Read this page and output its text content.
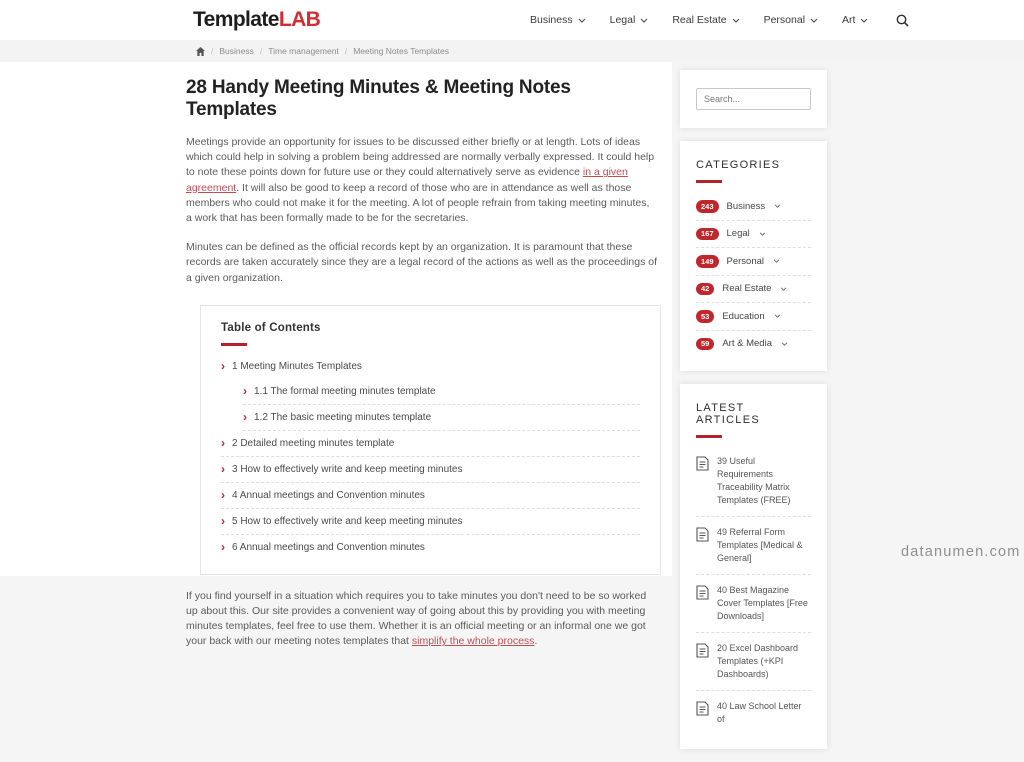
TemplateLAB	Business	Legal	Real Estate	Personal	Art
/ Business / Time management / Meeting Notes Templates
28 Handy Meeting Minutes & Meeting Notes Templates

Meetings provide an opportunity for issues to be discussed either briefly or at length. Lots of ideas which could help in solving a problem being addressed are normally verbally expressed. It could help to note these points down for future use or they could alternatively serve as evidence in a given agreement. It will also be good to keep a record of those who are in attendance as well as those members who could not make it for the meeting. A lot of people refrain from taking meeting minutes, a work that has been formally made to be for the secretaries.

Minutes can be defined as the official records kept by an organization. It is paramount that these records are taken accurately since they are a legal record of the actions as well as the proceedings of a given organization.

Table of Contents
› 1 Meeting Minutes Templates
› 1.1 The formal meeting minutes template
› 1.2 The basic meeting minutes template
› 2 Detailed meeting minutes template
› 3 How to effectively write and keep meeting minutes
› 4 Annual meetings and Convention minutes
› 5 How to effectively write and keep meeting minutes
› 6 Annual meetings and Convention minutes

If you find yourself in a situation which requires you to take minutes you don't need to be so worked up about this. Our site provides a convenient way of going about this by providing you with meeting minutes templates, feel free to use them. Whether it is an official meeting or an informal one we got your back with our meeting notes templates that simplify the whole process.

Search...
CATEGORIES
243	Business
167	Legal
149	Personal
42	Real Estate
53	Education
59	Art & Media
LATEST ARTICLES
39 Useful Requirements Traceability Matrix Templates (FREE)
49 Referral Form Templates [Medical & General]
40 Best Magazine Cover Templates [Free Downloads]
20 Excel Dashboard Templates (+KPI Dashboards)
40 Law School Letter of
datanumen.com
